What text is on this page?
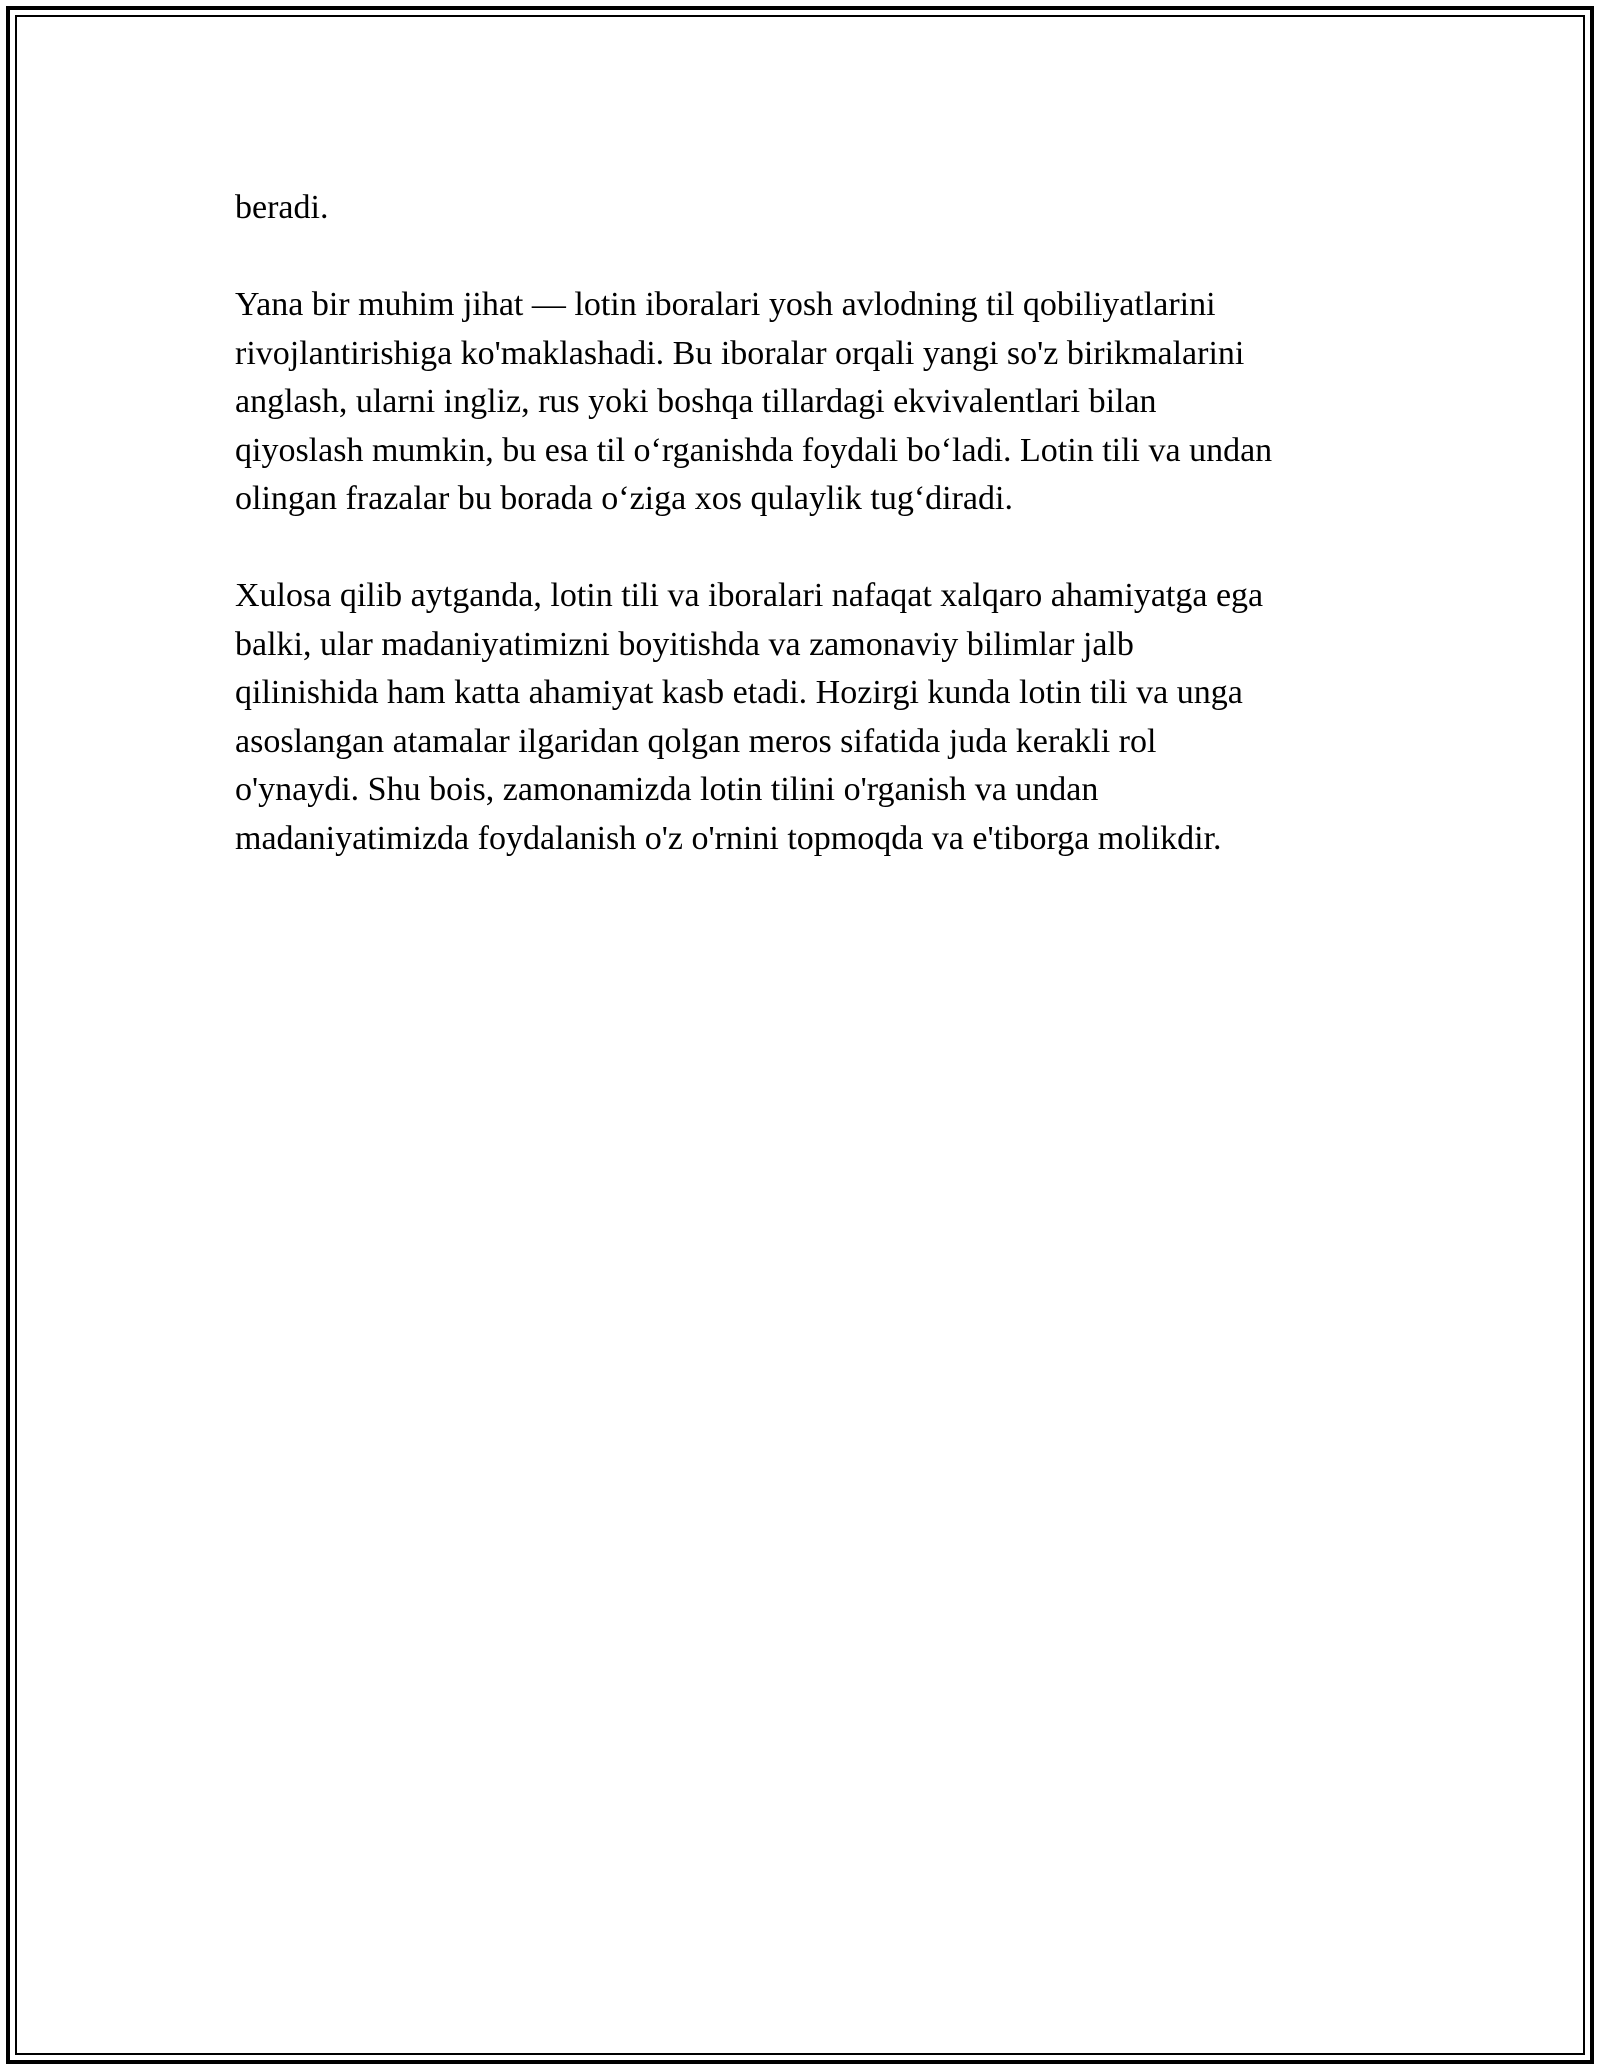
beradi.

Yana bir muhim jihat — lotin iboralari yosh avlodning til qobiliyatlarini
rivojlantirishiga ko'maklashadi. Bu iboralar orqali yangi so'z birikmalarini
anglash, ularni ingliz, rus yoki boshqa tillardagi ekvivalentlari bilan
qiyoslash mumkin, bu esa til o‘rganishda foydali bo‘ladi. Lotin tili va undan
olingan frazalar bu borada o‘ziga xos qulaylik tug‘diradi.

Xulosa qilib aytganda, lotin tili va iboralari nafaqat xalqaro ahamiyatga ega
balki, ular madaniyatimizni boyitishda va zamonaviy bilimlar jalb
qilinishida ham katta ahamiyat kasb etadi. Hozirgi kunda lotin tili va unga
asoslangan atamalar ilgaridan qolgan meros sifatida juda kerakli rol
o'ynaydi. Shu bois, zamonamizda lotin tilini o'rganish va undan
madaniyatimizda foydalanish o'z o'rnini topmoqda va e'tiborga molikdir.
